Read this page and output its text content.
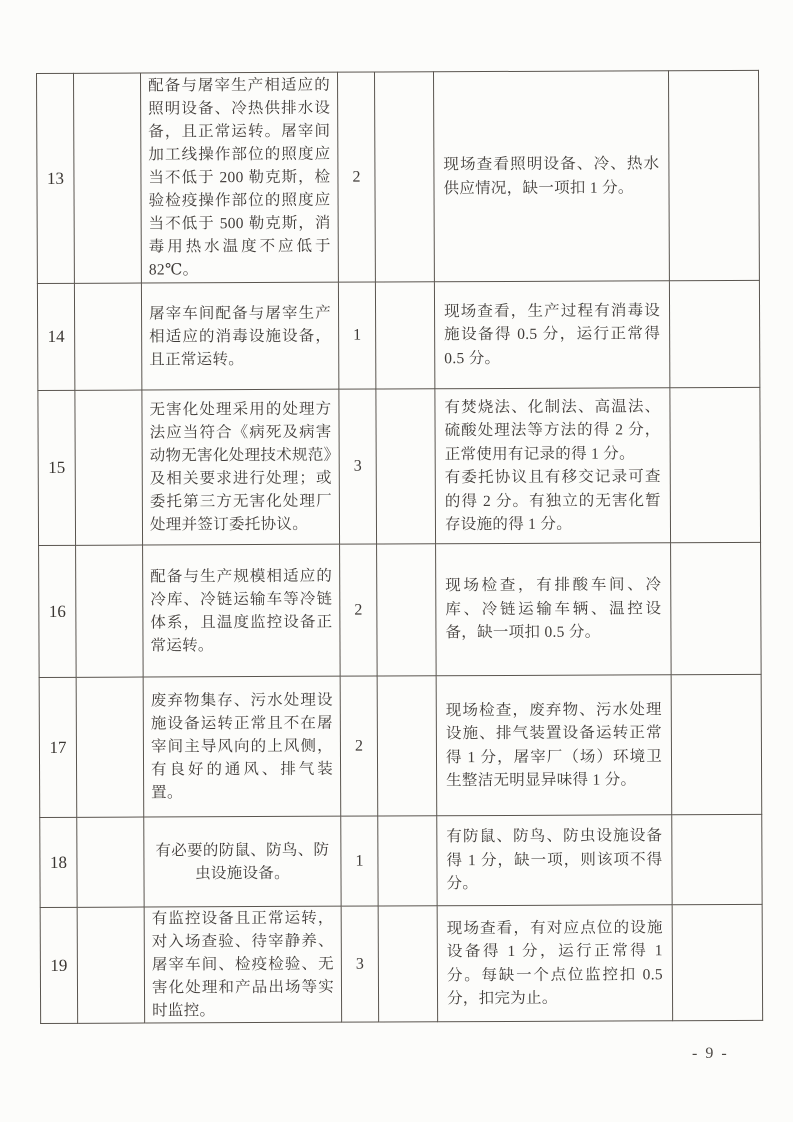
13		配备与屠宰生产相适应的照明设备、冷热供排水设备，且正常运转。屠宰间加工线操作部位的照度应当不低于 200 勒克斯，检验检疫操作部位的照度应当不低于 500 勒克斯，消毒用热水温度不应低于 82℃。	2		现场查看照明设备、冷、热水供应情况，缺一项扣 1 分。	

14		屠宰车间配备与屠宰生产相适应的消毒设施设备，且正常运转。	1		现场查看，生产过程有消毒设施设备得 0.5 分，运行正常得 0.5 分。	

15		无害化处理采用的处理方法应当符合《病死及病害动物无害化处理技术规范》及相关要求进行处理；或委托第三方无害化处理厂处理并签订委托协议。	3		有焚烧法、化制法、高温法、硫酸处理法等方法的得 2 分，正常使用有记录的得 1 分。
有委托协议且有移交记录可查的得 2 分。有独立的无害化暂存设施的得 1 分。	

16		配备与生产规模相适应的冷库、冷链运输车等冷链体系，且温度监控设备正常运转。	2		现场检查，有排酸车间、冷库、冷链运输车辆、温控设备，缺一项扣 0.5 分。	

17		废弃物集存、污水处理设施设备运转正常且不在屠宰间主导风向的上风侧，有良好的通风、排气装置。	2		现场检查，废弃物、污水处理设施、排气装置设备运转正常得 1 分，屠宰厂（场）环境卫生整洁无明显异味得 1 分。	

18		有必要的防鼠、防鸟、防虫设施设备。	1		有防鼠、防鸟、防虫设施设备得 1 分，缺一项，则该项不得分。	

19		有监控设备且正常运转，对入场查验、待宰静养、屠宰车间、检疫检验、无害化处理和产品出场等实时监控。	3		现场查看，有对应点位的设施设备得 1 分，运行正常得 1 分。每缺一个点位监控扣 0.5 分，扣完为止。	

- 9 -
